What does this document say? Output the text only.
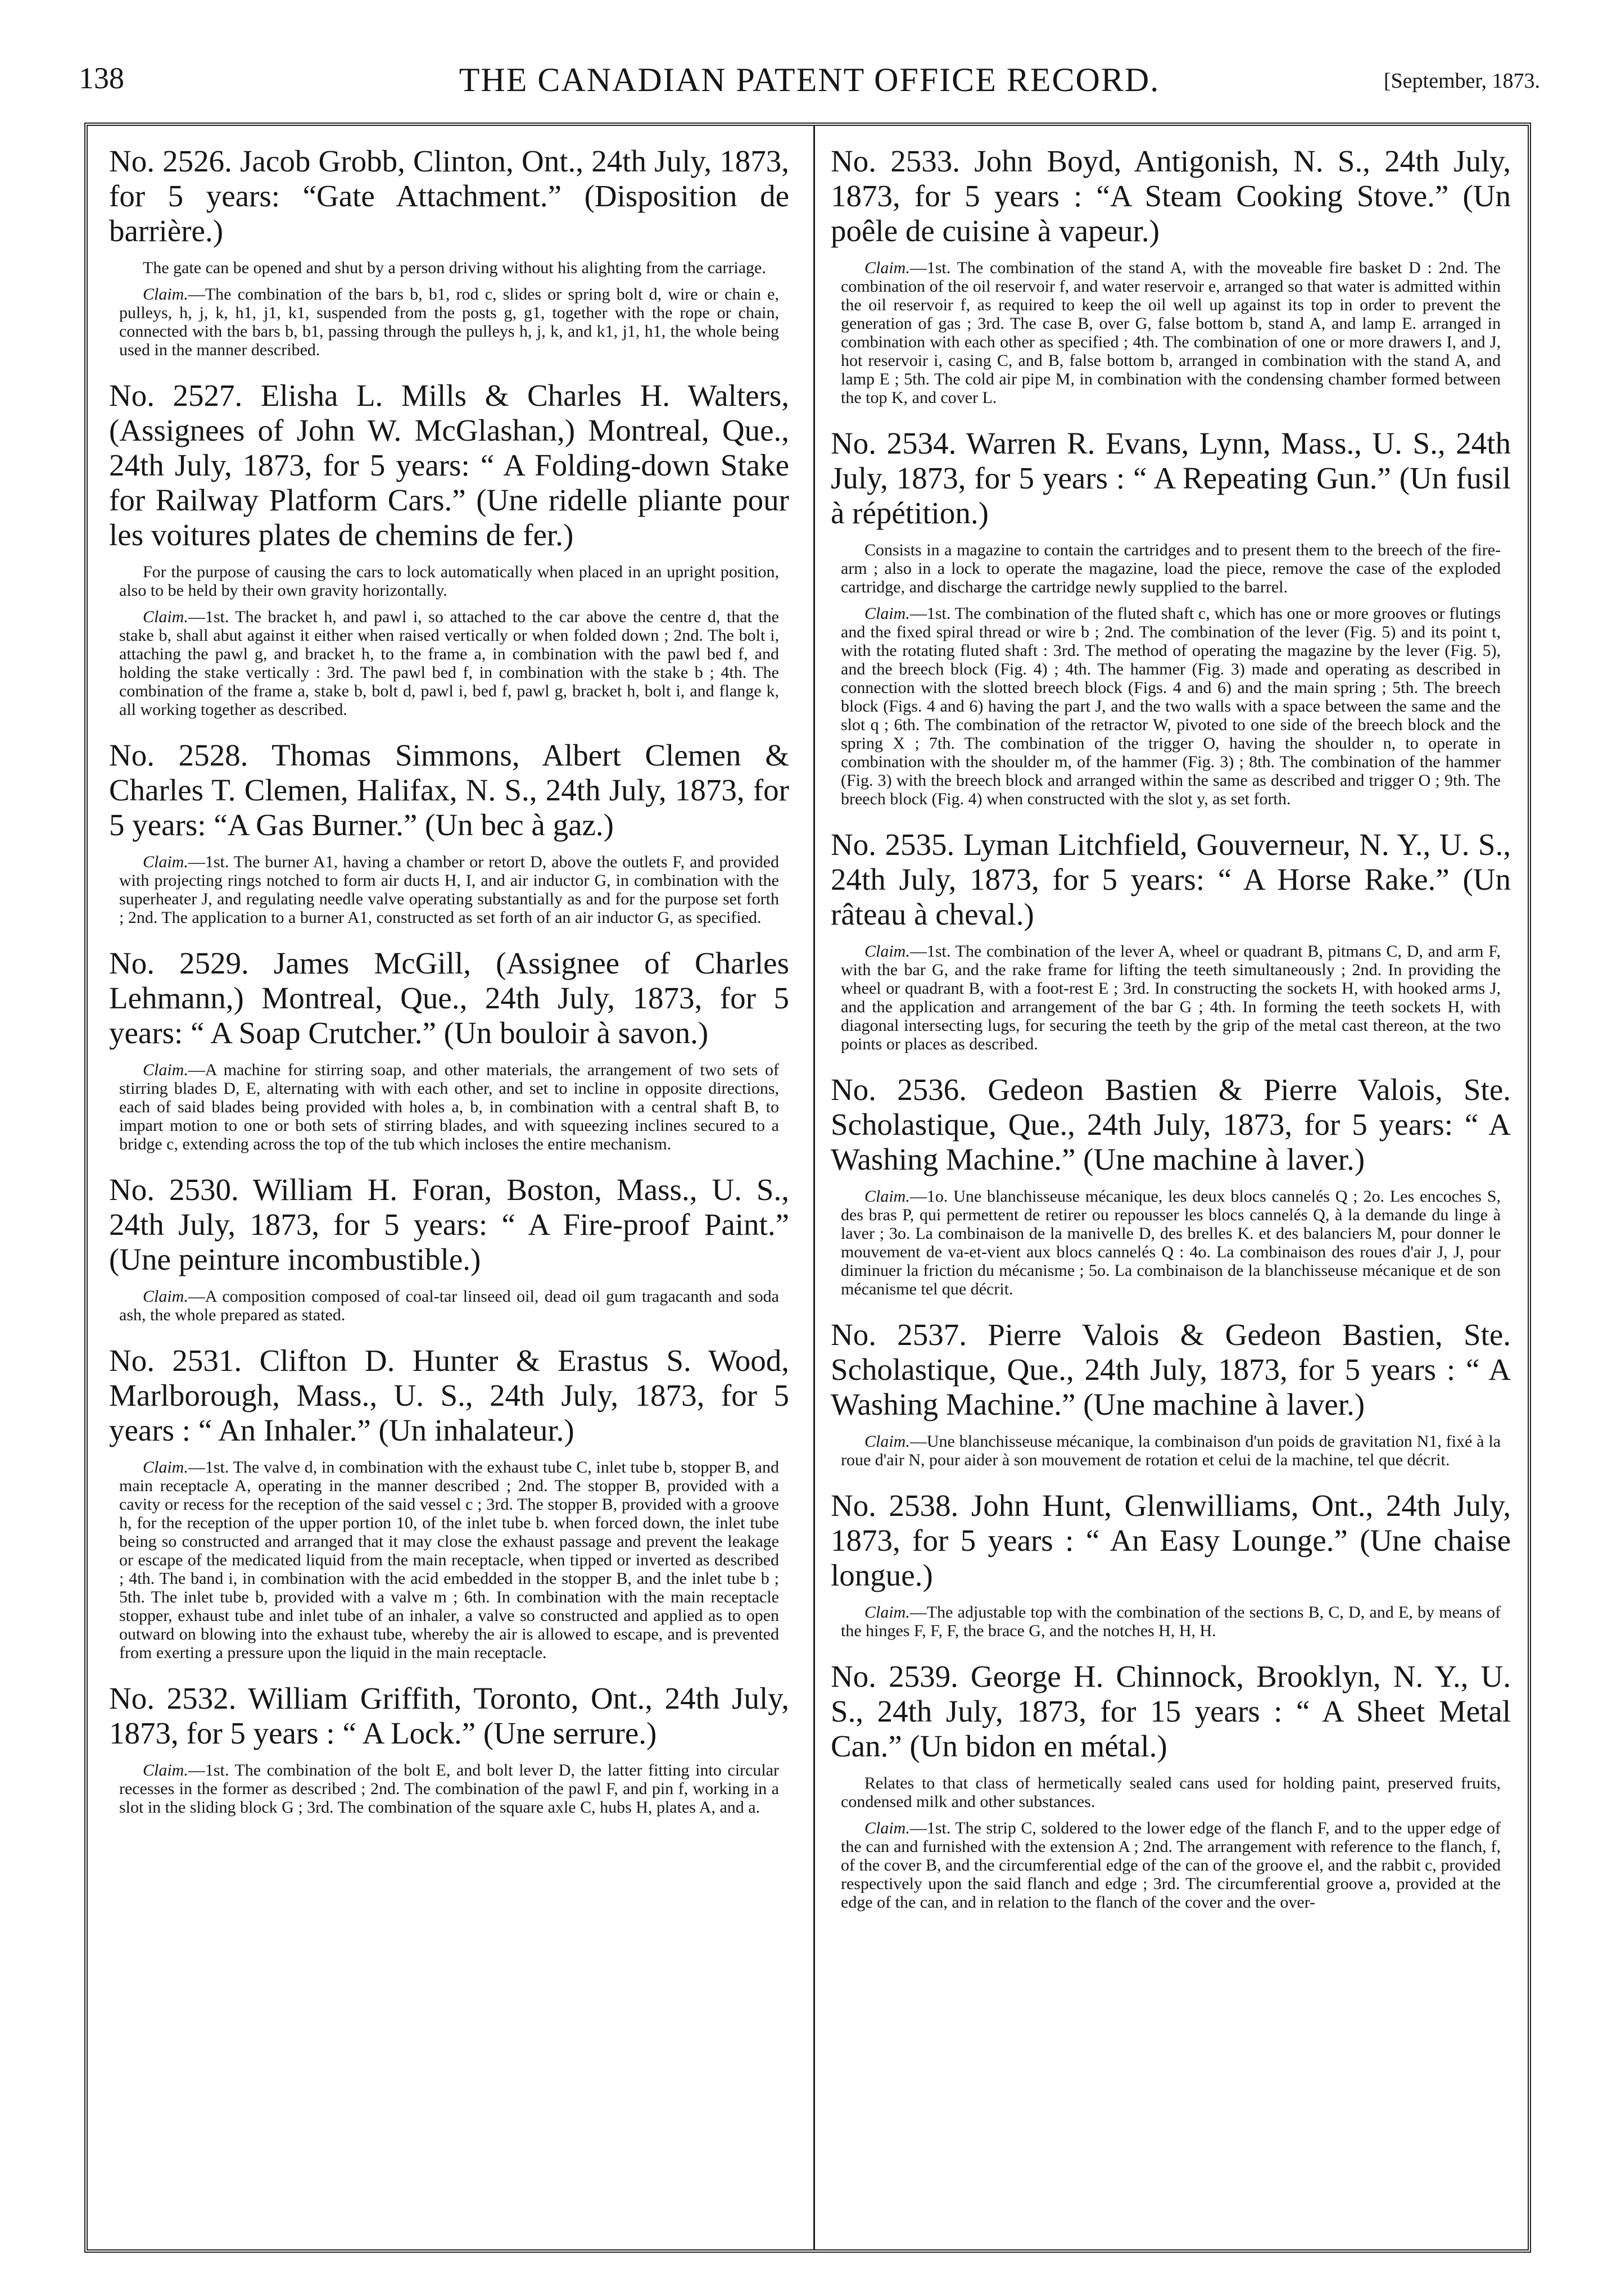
138	THE CANADIAN PATENT OFFICE RECORD.	[September, 1873.
No. 2526. Jacob Grobb, Clinton, Ont., 24th July, 1873, for 5 years: “Gate Attachment.” (Disposition de barrière.)

The gate can be opened and shut by a person driving without his alighting from the carriage.

Claim.—The combination of the bars b, b1, rod c, slides or spring bolt d, wire or chain e, pulleys, h, j, k, h1, j1, k1, suspended from the posts g, g1, together with the rope or chain, connected with the bars b, b1, passing through the pulleys h, j, k, and k1, j1, h1, the whole being used in the manner described.

No. 2527. Elisha L. Mills & Charles H. Walters, (Assignees of John W. McGlashan,) Montreal, Que., 24th July, 1873, for 5 years: “ A Folding-down Stake for Railway Platform Cars.” (Une ridelle pliante pour les voitures plates de chemins de fer.)

For the purpose of causing the cars to lock automatically when placed in an upright position, also to be held by their own gravity horizontally.

Claim.—1st. The bracket h, and pawl i, so attached to the car above the centre d, that the stake b, shall abut against it either when raised vertically or when folded down ; 2nd. The bolt i, attaching the pawl g, and bracket h, to the frame a, in combination with the pawl bed f, and holding the stake vertically : 3rd. The pawl bed f, in combination with the stake b ; 4th. The combination of the frame a, stake b, bolt d, pawl i, bed f, pawl g, bracket h, bolt i, and flange k, all working together as described.

No. 2528. Thomas Simmons, Albert Clemen & Charles T. Clemen, Halifax, N. S., 24th July, 1873, for 5 years: “A Gas Burner.” (Un bec à gaz.)

Claim.—1st. The burner A1, having a chamber or retort D, above the outlets F, and provided with projecting rings notched to form air ducts H, I, and air inductor G, in combination with the superheater J, and regulating needle valve operating substantially as and for the purpose set forth ; 2nd. The application to a burner A1, constructed as set forth of an air inductor G, as specified.

No. 2529. James McGill, (Assignee of Charles Lehmann,) Montreal, Que., 24th July, 1873, for 5 years: “ A Soap Crutcher.” (Un bouloir à savon.)

Claim.—A machine for stirring soap, and other materials, the arrangement of two sets of stirring blades D, E, alternating with with each other, and set to incline in opposite directions, each of said blades being provided with holes a, b, in combination with a central shaft B, to impart motion to one or both sets of stirring blades, and with squeezing inclines secured to a bridge c, extending across the top of the tub which incloses the entire mechanism.

No. 2530. William H. Foran, Boston, Mass., U. S., 24th July, 1873, for 5 years: “ A Fire-proof Paint.” (Une peinture incombustible.)

Claim.—A composition composed of coal-tar linseed oil, dead oil gum tragacanth and soda ash, the whole prepared as stated.

No. 2531. Clifton D. Hunter & Erastus S. Wood, Marlborough, Mass., U. S., 24th July, 1873, for 5 years : “ An Inhaler.” (Un inhalateur.)

Claim.—1st. The valve d, in combination with the exhaust tube C, inlet tube b, stopper B, and main receptacle A, operating in the manner described ; 2nd. The stopper B, provided with a cavity or recess for the reception of the said vessel c ; 3rd. The stopper B, provided with a groove h, for the reception of the upper portion 10, of the inlet tube b. when forced down, the inlet tube being so constructed and arranged that it may close the exhaust passage and prevent the leakage or escape of the medicated liquid from the main receptacle, when tipped or inverted as described ; 4th. The band i, in combination with the acid embedded in the stopper B, and the inlet tube b ; 5th. The inlet tube b, provided with a valve m ; 6th. In combination with the main receptacle stopper, exhaust tube and inlet tube of an inhaler, a valve so constructed and applied as to open outward on blowing into the exhaust tube, whereby the air is allowed to escape, and is prevented from exerting a pressure upon the liquid in the main receptacle.

No. 2532. William Griffith, Toronto, Ont., 24th July, 1873, for 5 years : “ A Lock.” (Une serrure.)

Claim.—1st. The combination of the bolt E, and bolt lever D, the latter fitting into circular recesses in the former as described ; 2nd. The combination of the pawl F, and pin f, working in a slot in the sliding block G ; 3rd. The combination of the square axle C, hubs H, plates A, and a.

No. 2533. John Boyd, Antigonish, N. S., 24th July, 1873, for 5 years : “A Steam Cooking Stove.” (Un poêle de cuisine à vapeur.)

Claim.—1st. The combination of the stand A, with the moveable fire basket D : 2nd. The combination of the oil reservoir f, and water reservoir e, arranged so that water is admitted within the oil reservoir f, as required to keep the oil well up against its top in order to prevent the generation of gas ; 3rd. The case B, over G, false bottom b, stand A, and lamp E. arranged in combination with each other as specified ; 4th. The combination of one or more drawers I, and J, hot reservoir i, casing C, and B, false bottom b, arranged in combination with the stand A, and lamp E ; 5th. The cold air pipe M, in combination with the condensing chamber formed between the top K, and cover L.

No. 2534. Warren R. Evans, Lynn, Mass., U. S., 24th July, 1873, for 5 years : “ A Repeating Gun.” (Un fusil à répétition.)

Consists in a magazine to contain the cartridges and to present them to the breech of the fire-arm ; also in a lock to operate the magazine, load the piece, remove the case of the exploded cartridge, and discharge the cartridge newly supplied to the barrel.

Claim.—1st. The combination of the fluted shaft c, which has one or more grooves or flutings and the fixed spiral thread or wire b ; 2nd. The combination of the lever (Fig. 5) and its point t, with the rotating fluted shaft : 3rd. The method of operating the magazine by the lever (Fig. 5), and the breech block (Fig. 4) ; 4th. The hammer (Fig. 3) made and operating as described in connection with the slotted breech block (Figs. 4 and 6) and the main spring ; 5th. The breech block (Figs. 4 and 6) having the part J, and the two walls with a space between the same and the slot q ; 6th. The combination of the retractor W, pivoted to one side of the breech block and the spring X ; 7th. The combination of the trigger O, having the shoulder n, to operate in combination with the shoulder m, of the hammer (Fig. 3) ; 8th. The combination of the hammer (Fig. 3) with the breech block and arranged within the same as described and trigger O ; 9th. The breech block (Fig. 4) when constructed with the slot y, as set forth.

No. 2535. Lyman Litchfield, Gouverneur, N. Y., U. S., 24th July, 1873, for 5 years: “ A Horse Rake.” (Un râteau à cheval.)

Claim.—1st. The combination of the lever A, wheel or quadrant B, pitmans C, D, and arm F, with the bar G, and the rake frame for lifting the teeth simultaneously ; 2nd. In providing the wheel or quadrant B, with a foot-rest E ; 3rd. In constructing the sockets H, with hooked arms J, and the application and arrangement of the bar G ; 4th. In forming the teeth sockets H, with diagonal intersecting lugs, for securing the teeth by the grip of the metal cast thereon, at the two points or places as described.

No. 2536. Gedeon Bastien & Pierre Valois, Ste. Scholastique, Que., 24th July, 1873, for 5 years: “ A Washing Machine.” (Une machine à laver.)

Claim.—1o. Une blanchisseuse mécanique, les deux blocs cannelés Q ; 2o. Les encoches S, des bras P, qui permettent de retirer ou repousser les blocs cannelés Q, à la demande du linge à laver ; 3o. La combinaison de la manivelle D, des brelles K. et des balanciers M, pour donner le mouvement de va-et-vient aux blocs cannelés Q : 4o. La combinaison des roues d'air J, J, pour diminuer la friction du mécanisme ; 5o. La combinaison de la blanchisseuse mécanique et de son mécanisme tel que décrit.

No. 2537. Pierre Valois & Gedeon Bastien, Ste. Scholastique, Que., 24th July, 1873, for 5 years : “ A Washing Machine.” (Une machine à laver.)

Claim.—Une blanchisseuse mécanique, la combinaison d'un poids de gravitation N1, fixé à la roue d'air N, pour aider à son mouvement de rotation et celui de la machine, tel que décrit.

No. 2538. John Hunt, Glenwilliams, Ont., 24th July, 1873, for 5 years : “ An Easy Lounge.” (Une chaise longue.)

Claim.—The adjustable top with the combination of the sections B, C, D, and E, by means of the hinges F, F, F, the brace G, and the notches H, H, H.

No. 2539. George H. Chinnock, Brooklyn, N. Y., U. S., 24th July, 1873, for 15 years : “ A Sheet Metal Can.” (Un bidon en métal.)

Relates to that class of hermetically sealed cans used for holding paint, preserved fruits, condensed milk and other substances.

Claim.—1st. The strip C, soldered to the lower edge of the flanch F, and to the upper edge of the can and furnished with the extension A ; 2nd. The arrangement with reference to the flanch, f, of the cover B, and the circumferential edge of the can of the groove el, and the rabbit c, provided respectively upon the said flanch and edge ; 3rd. The circumferential groove a, provided at the edge of the can, and in relation to the flanch of the cover and the over-
